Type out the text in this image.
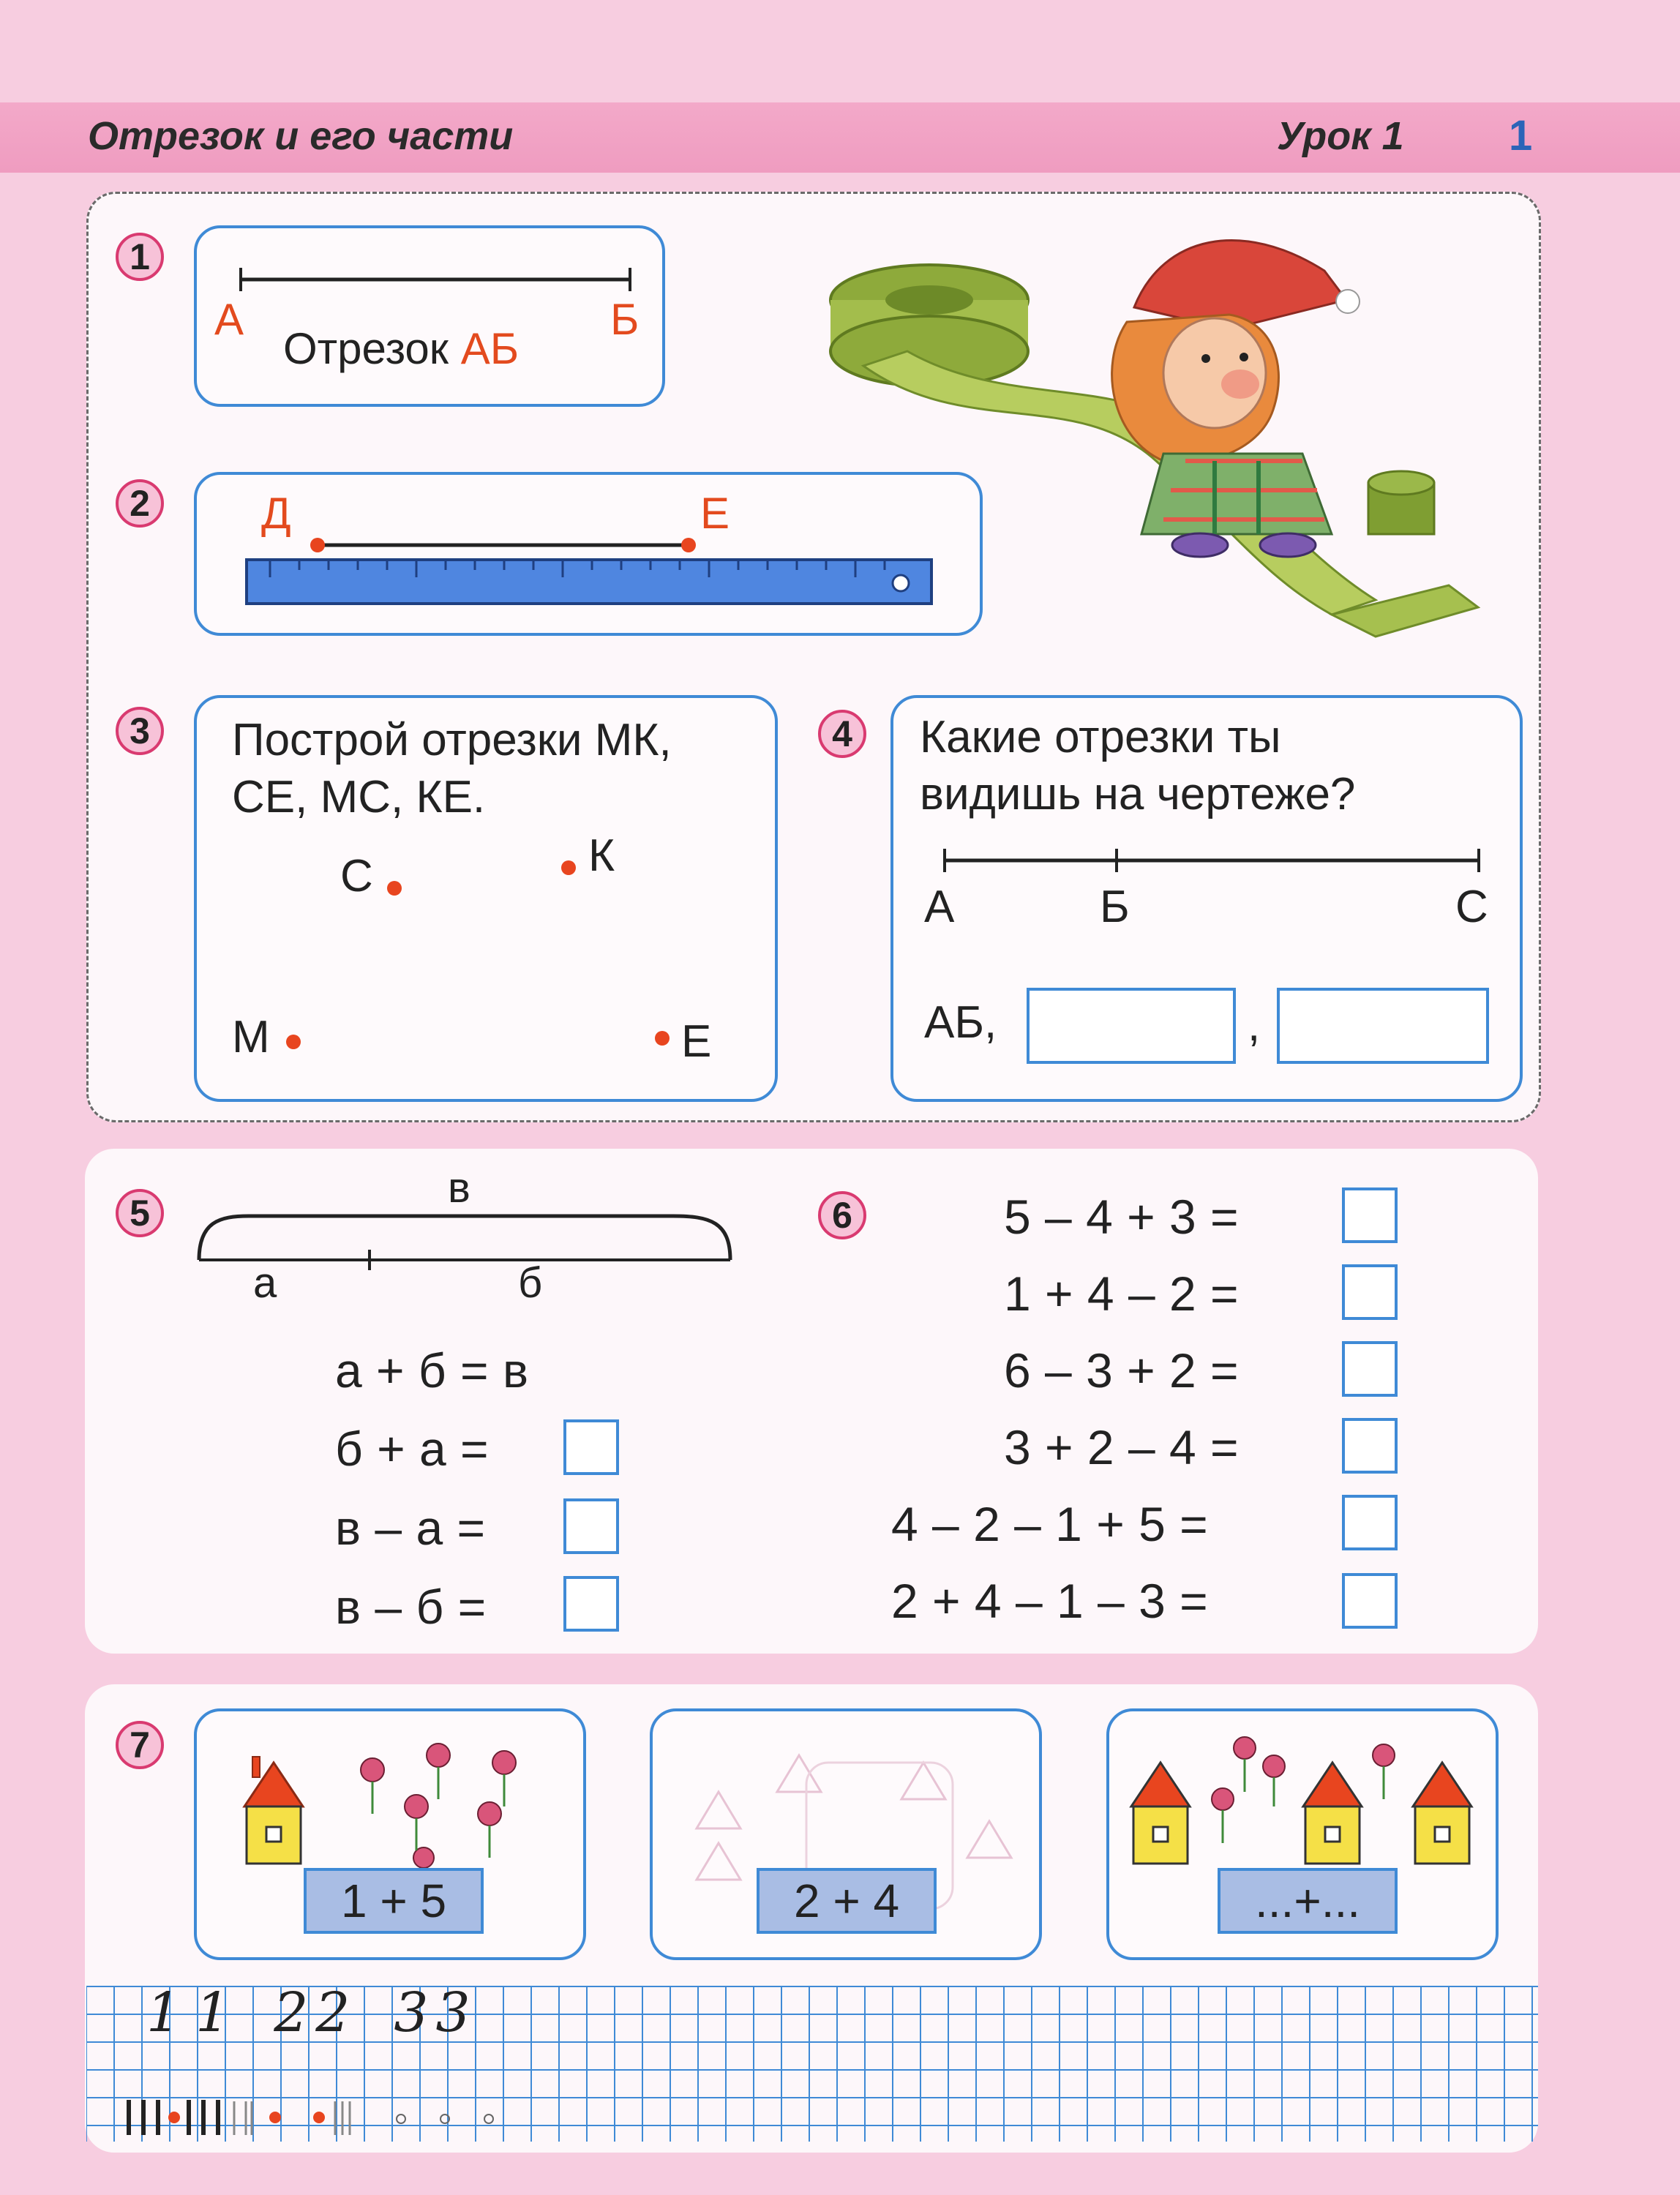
Отрезок и его части	Урок 1 1
1
А	Б
Отрезок АБ
2	Д	Е
3	Построй отрезки МК,
СЕ, МС, КЕ.
С	К
М	Е
4	Какие отрезки ты
видишь на чертеже?
А	Б	С
АБ,	,
5
в
а	б
а + б = в
б + а =
в – а =
в – б =
6	5 – 4 + 3 =
1 + 4 – 2 =
6 – 3 + 2 =
3 + 2 – 4 =
4 – 2 – 1 + 5 =
2 + 4 – 1 – 3 =
7
1 + 5	2 + 4	...+...
1 1 2 2 3 3
